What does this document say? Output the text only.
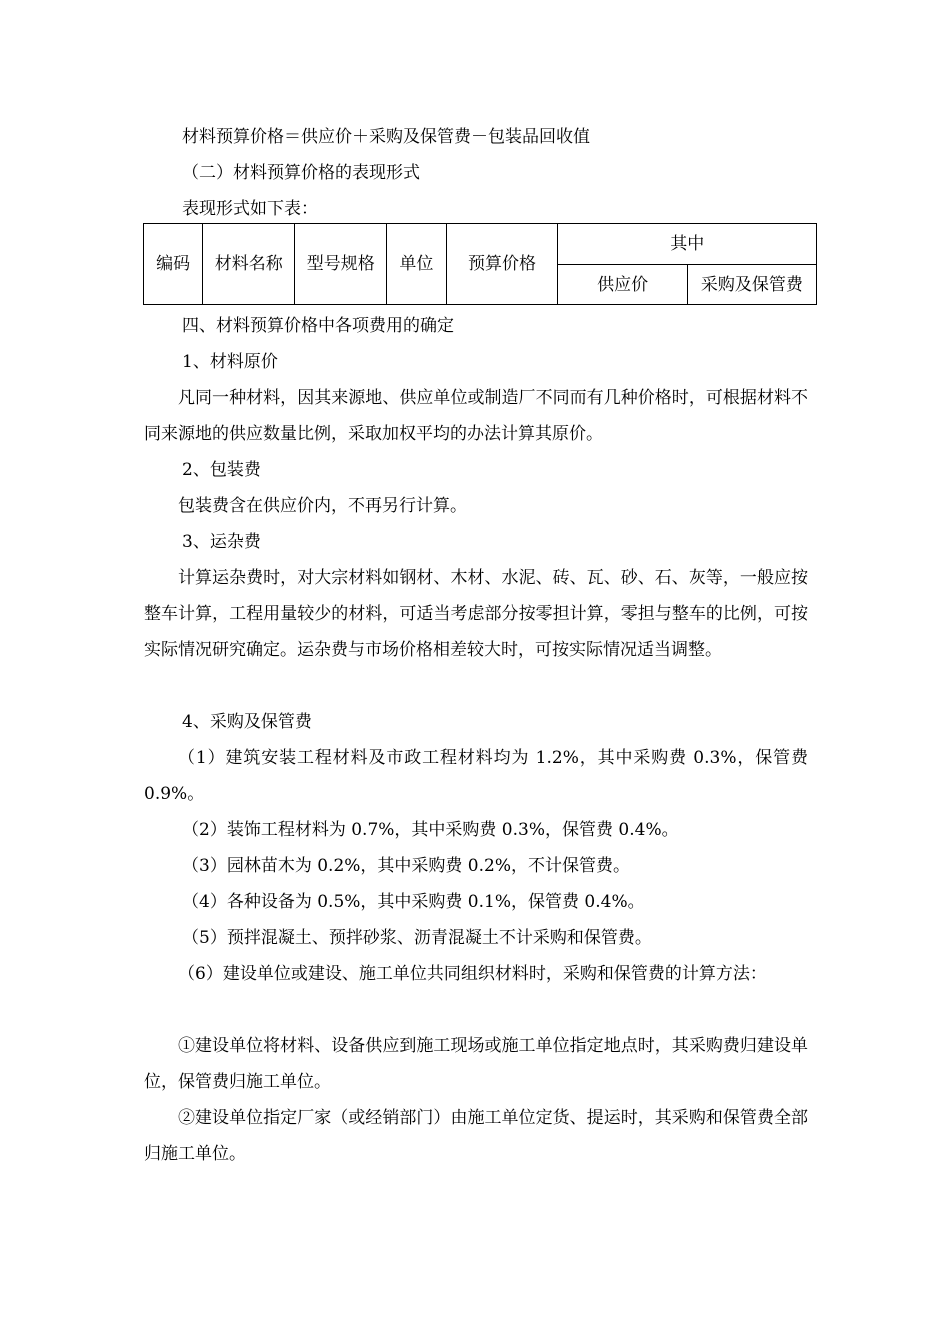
材料预算价格＝供应价＋采购及保管费－包装品回收值

（二）材料预算价格的表现形式

表现形式如下表：

编码	材料名称	型号规格	单位	预算价格	其中	
					供应价	采购及保管费

四、材料预算价格中各项费用的确定

1、材料原价

凡同一种材料，因其来源地、供应单位或制造厂不同而有几种价格时，可根据材料不同来源地的供应数量比例，采取加权平均的办法计算其原价。

2、包装费

包装费含在供应价内，不再另行计算。

3、运杂费

计算运杂费时，对大宗材料如钢材、木材、水泥、砖、瓦、砂、石、灰等，一般应按整车计算，工程用量较少的材料，可适当考虑部分按零担计算，零担与整车的比例，可按实际情况研究确定。运杂费与市场价格相差较大时，可按实际情况适当调整。

4、采购及保管费

（1）建筑安装工程材料及市政工程材料均为 1.2%，其中采购费 0.3%，保管费 0.9%。

（2）装饰工程材料为 0.7%，其中采购费 0.3%，保管费 0.4%。

（3）园林苗木为 0.2%，其中采购费 0.2%，不计保管费。

（4）各种设备为 0.5%，其中采购费 0.1%，保管费 0.4%。

（5）预拌混凝土、预拌砂浆、沥青混凝土不计采购和保管费。

（6）建设单位或建设、施工单位共同组织材料时，采购和保管费的计算方法：

①建设单位将材料、设备供应到施工现场或施工单位指定地点时，其采购费归建设单位，保管费归施工单位。

②建设单位指定厂家（或经销部门）由施工单位定货、提运时，其采购和保管费全部归施工单位。
